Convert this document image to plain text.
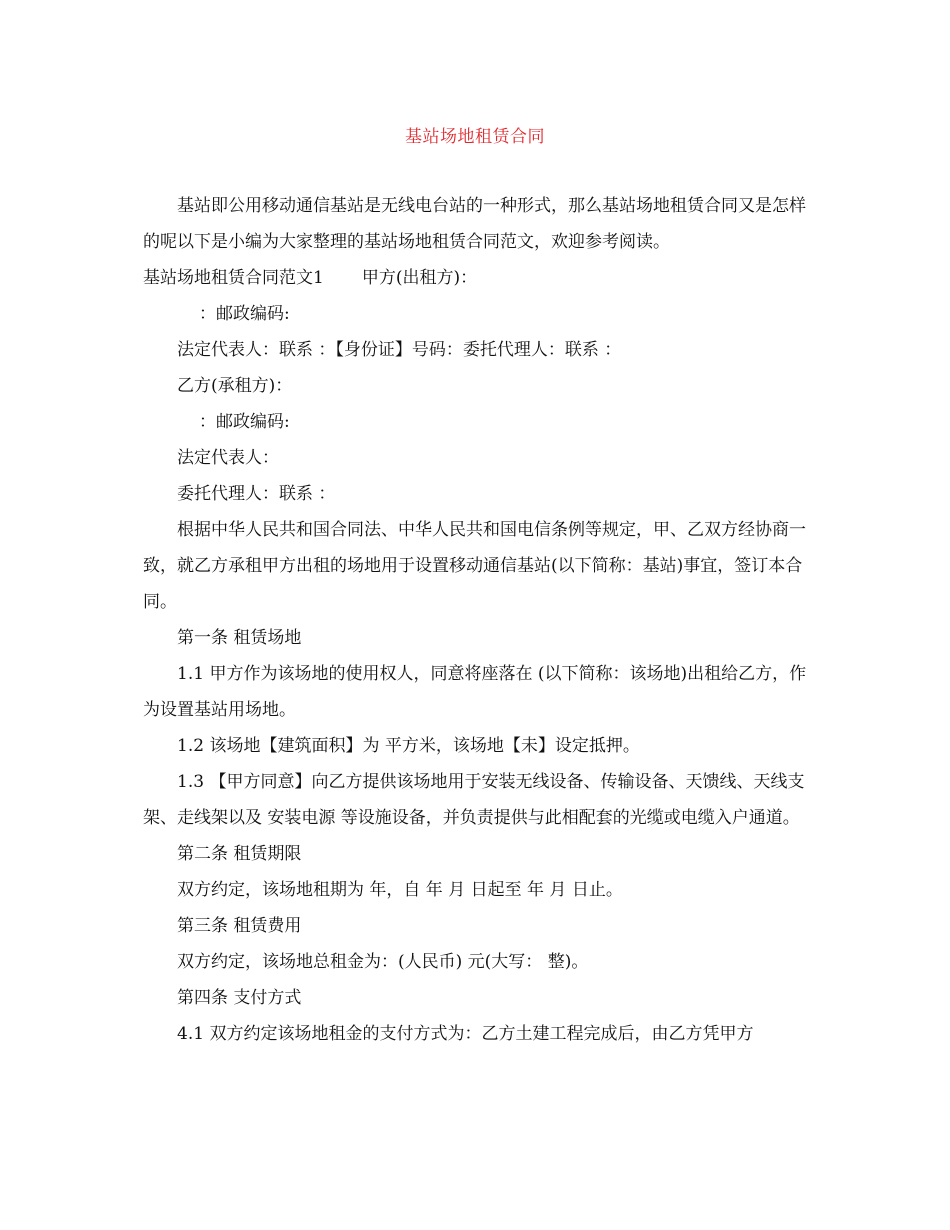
基站场地租赁合同

基站即公用移动通信基站是无线电台站的一种形式，那么基站场地租赁合同又是怎样的呢以下是小编为大家整理的基站场地租赁合同范文，欢迎参考阅读。

基站场地租赁合同范文1 甲方(出租方)：

：邮政编码:

法定代表人：联系 ：【身份证】号码：委托代理人：联系 ：

乙方(承租方)：

：邮政编码:

法定代表人：

委托代理人：联系 ：

根据中华人民共和国合同法、中华人民共和国电信条例等规定，甲、乙双方经协商一致，就乙方承租甲方出租的场地用于设置移动通信基站(以下简称：基站)事宜，签订本合同。

第一条 租赁场地

1.1 甲方作为该场地的使用权人，同意将座落在 (以下简称：该场地)出租给乙方，作为设置基站用场地。

1.2 该场地【建筑面积】为 平方米，该场地【未】设定抵押。

1.3 【甲方同意】向乙方提供该场地用于安装无线设备、传输设备、天馈线、天线支架、走线架以及 安装电源 等设施设备，并负责提供与此相配套的光缆或电缆入户通道。

第二条 租赁期限

双方约定，该场地租期为 年，自 年 月 日起至 年 月 日止。

第三条 租赁费用

双方约定，该场地总租金为：(人民币) 元(大写： 整)。

第四条 支付方式

4.1 双方约定该场地租金的支付方式为：乙方土建工程完成后，由乙方凭甲方
